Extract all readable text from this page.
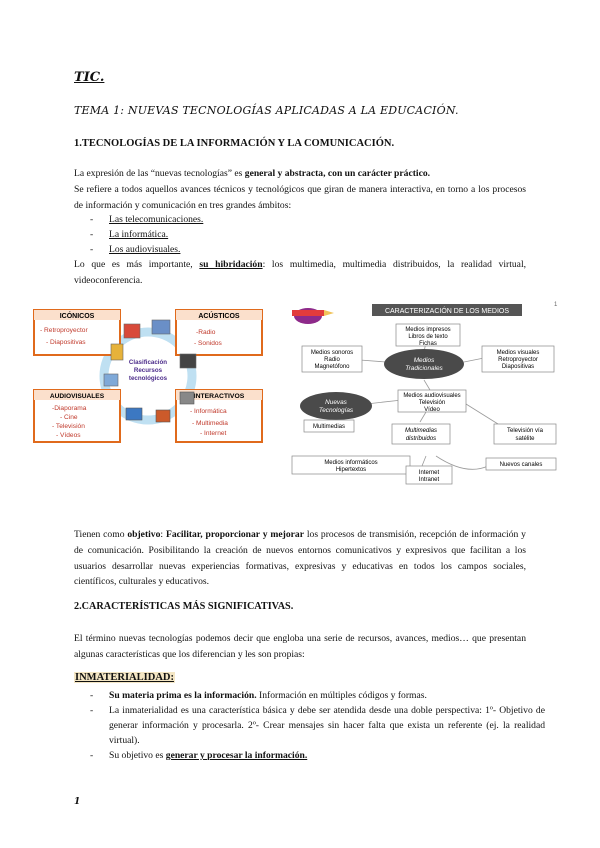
TIC.
TEMA 1: NUEVAS TECNOLOGÍAS APLICADAS A LA EDUCACIÓN.
1.TECNOLOGÍAS DE LA INFORMACIÓN Y LA COMUNICACIÓN.
La expresión de las “nuevas tecnologías” es general y abstracta, con un carácter práctico.
Se refiere a todos aquellos avances técnicos y tecnológicos que giran de manera interactiva, en torno a los procesos de información y comunicación en tres grandes ámbitos:
- Las telecomunicaciones.
- La informática.
- Los audiovisuales.
Lo que es más importante, su hibridación: los multimedia, multimedia distribuidos, la realidad virtual, videoconferencia.
ICÓNICOS
- Retroproyector
- Diapositivas
ACÚSTICOS
-Radio
- Sonidos
AUDIOVISUALES
-Diaporama
- Cine
- Televisión
- Vídeos
INTERACTIVOS
- Informática
- Multimedia
- Internet
Clasificación
Recursos
tecnológicos
1
CARACTERIZACIÓN DE LOS MEDIOS
Medios impresos
Libros de texto
Fichas
Medios sonoros
Radio
Magnetófono
Medios
Tradicionales
Medios visuales
Retroproyector
Diapositivas
Nuevas
Tecnologías
Medios audiovisuales
Televisión
Vídeo
Multimedias
Multimedias
distribuidos
Televisión vía
satélite
Medios informáticos
Hipertextos	Internet
Intranet
Nuevos canales
Tienen como objetivo: Facilitar, proporcionar y mejorar los procesos de transmisión, recepción de información y de comunicación. Posibilitando la creación de nuevos entornos comunicativos y expresivos que facilitan a los usuarios desarrollar nuevas experiencias formativas, expresivas y educativas en todos los campos sociales, científicos, culturales y educativos.
2.CARACTERÍSTICAS MÁS SIGNIFICATIVAS.
El término nuevas tecnologías podemos decir que engloba una serie de recursos, avances, medios… que presentan algunas características que los diferencian y les son propias:
INMATERIALIDAD:
- Su materia prima es la información. Información en múltiples códigos y formas.
- La inmaterialidad es una característica básica y debe ser atendida desde una doble perspectiva: 1º- Objetivo de generar información y procesarla. 2º- Crear mensajes sin hacer falta que exista un referente (ej. la realidad virtual).
- Su objetivo es generar y procesar la información.
1
